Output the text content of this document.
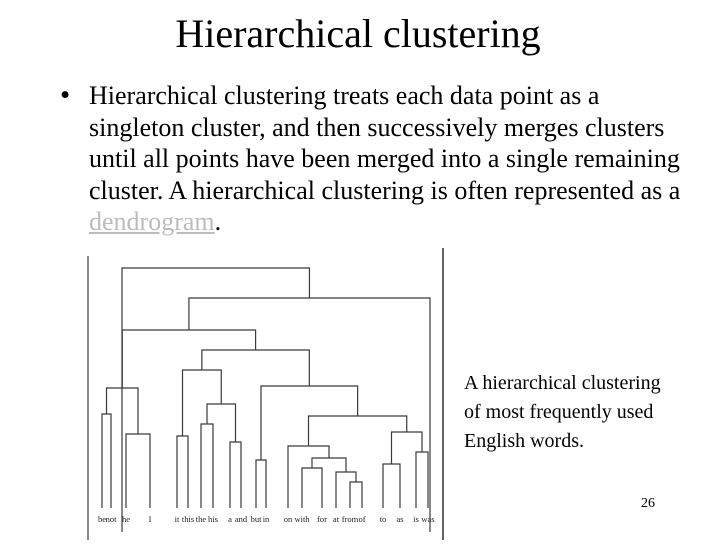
Hierarchical clustering
• Hierarchical clustering treats each data point as a singleton cluster, and then successively merges clusters until all points have been merged into a single remaining cluster. A hierarchical clustering is often represented as a dendrogram.
be not he I	it this the his a and but in on with for at from of to as is was
A hierarchical clustering
of most frequently used
English words.
26
